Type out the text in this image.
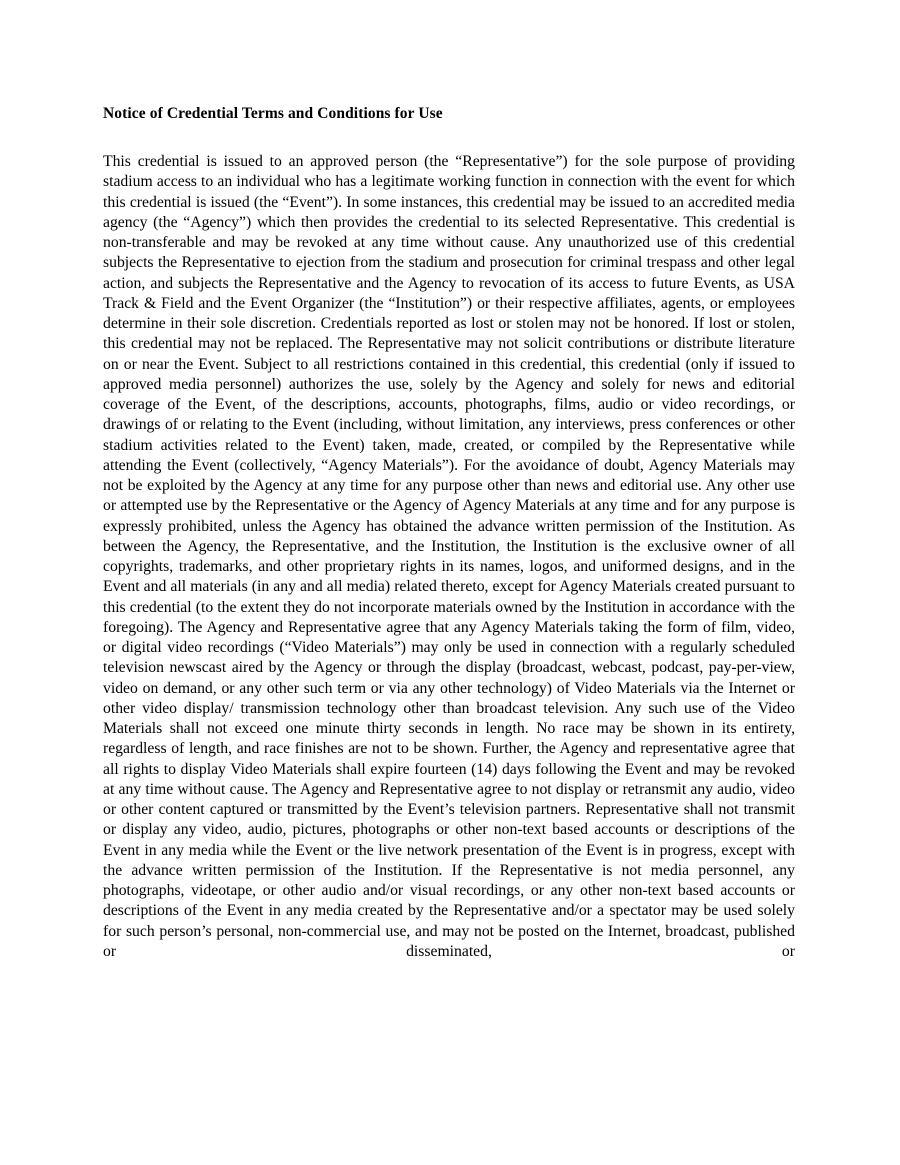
Notice of Credential Terms and Conditions for Use

This credential is issued to an approved person (the “Representative”) for the sole purpose of providing stadium access to an individual who has a legitimate working function in connection with the event for which this credential is issued (the “Event”). In some instances, this credential may be issued to an accredited media agency (the “Agency”) which then provides the credential to its selected Representative. This credential is non-transferable and may be revoked at any time without cause. Any unauthorized use of this credential subjects the Representative to ejection from the stadium and prosecution for criminal trespass and other legal action, and subjects the Representative and the Agency to revocation of its access to future Events, as USA Track & Field and the Event Organizer (the “Institution”) or their respective affiliates, agents, or employees determine in their sole discretion. Credentials reported as lost or stolen may not be honored. If lost or stolen, this credential may not be replaced. The Representative may not solicit contributions or distribute literature on or near the Event. Subject to all restrictions contained in this credential, this credential (only if issued to approved media personnel) authorizes the use, solely by the Agency and solely for news and editorial coverage of the Event, of the descriptions, accounts, photographs, films, audio or video recordings, or drawings of or relating to the Event (including, without limitation, any interviews, press conferences or other stadium activities related to the Event) taken, made, created, or compiled by the Representative while attending the Event (collectively, “Agency Materials”). For the avoidance of doubt, Agency Materials may not be exploited by the Agency at any time for any purpose other than news and editorial use. Any other use or attempted use by the Representative or the Agency of Agency Materials at any time and for any purpose is expressly prohibited, unless the Agency has obtained the advance written permission of the Institution. As between the Agency, the Representative, and the Institution, the Institution is the exclusive owner of all copyrights, trademarks, and other proprietary rights in its names, logos, and uniformed designs, and in the Event and all materials (in any and all media) related thereto, except for Agency Materials created pursuant to this credential (to the extent they do not incorporate materials owned by the Institution in accordance with the foregoing). The Agency and Representative agree that any Agency Materials taking the form of film, video, or digital video recordings (“Video Materials”) may only be used in connection with a regularly scheduled television newscast aired by the Agency or through the display (broadcast, webcast, podcast, pay-per-view, video on demand, or any other such term or via any other technology) of Video Materials via the Internet or other video display/ transmission technology other than broadcast television. Any such use of the Video Materials shall not exceed one minute thirty seconds in length. No race may be shown in its entirety, regardless of length, and race finishes are not to be shown. Further, the Agency and representative agree that all rights to display Video Materials shall expire fourteen (14) days following the Event and may be revoked at any time without cause. The Agency and Representative agree to not display or retransmit any audio, video or other content captured or transmitted by the Event’s television partners. Representative shall not transmit or display any video, audio, pictures, photographs or other non-text based accounts or descriptions of the Event in any media while the Event or the live network presentation of the Event is in progress, except with the advance written permission of the Institution. If the Representative is not media personnel, any photographs, videotape, or other audio and/or visual recordings, or any other non-text based accounts or descriptions of the Event in any media created by the Representative and/or a spectator may be used solely for such person’s personal, non-commercial use, and may not be posted on the Internet, broadcast, published or disseminated, or
